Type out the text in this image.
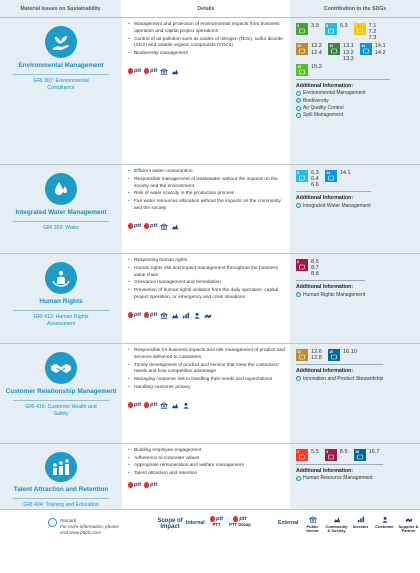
Material Issues on Sustainability	Details	Contribution to the SDGs
Environmental Management
GRI 307: Environmental Compliance
• Management and protection of environmental impacts from business operation and capital project operations
• Control of air pollution such as oxides of nitrogen (NOx), sulfur dioxide (SO2) and volatile organic compounds (VOCs)
• Biodiversity management
ptt ptt
3 3.9 6 6.3 7 7.1
7.2
7.3
12 12.2
12.4
13 13.1
13.2
13.3
14 14.1
14.2
15 15.2
Additional Information:
Environmental Management
Biodiversity
Air Quality Control
Spill Management
Integrated Water Management
GRI 303: Water
• Efficient water consumption
• Responsible management of wastewater without the impacts on the society and the environment
• Risk of water scarcity in the production process
• Fair water resources allocation without the impacts on the community and the society
ptt ptt
6 6.3
6.4
6.6
14 14.1
Additional Information:
Integrated Water Management
Human Rights
GRI 412: Human Rights Assessment
• Respecting human rights
• Human rights risk and impact management throughout the business value chain
• Grievance management and remediation
• Prevention of human rights violation from the daily operation, capital project operation, or emergency and crisis situations
ptt ptt
8 8.5
8.7
8.8
Additional Information:
Human Rights Management
Customer Relationship Management
GRI 416: Customer Health and Safety
• Responsible for business impacts and risk management of product and services delivered to customers
• Timely development of product and service that meet the customers' needs and how competitive advantage
• Managing customer risk in handling their needs and expectations
• Handling customer privacy
ptt ptt
12 12.6
12.8
16 16.10
Additional Information:
Innovation and Product Stewardship
Talent Attraction and Retention
GRI 404: Training and Education
• Building employee engagement
• Adherence to corporate values
• Appropriate remuneration and welfare management
• Talent attraction and retention
ptt ptt
5 5.5 8 8.5 16 16.7
Additional Information:
Human Resource Management
Remark:
For more information, please visit www.pttplc.com
Scope of Impact
Internal
ptt
PTT
ptt
PTT Group	External
Public Sector
Community & Society
Investor Customer Supplier & Partner
